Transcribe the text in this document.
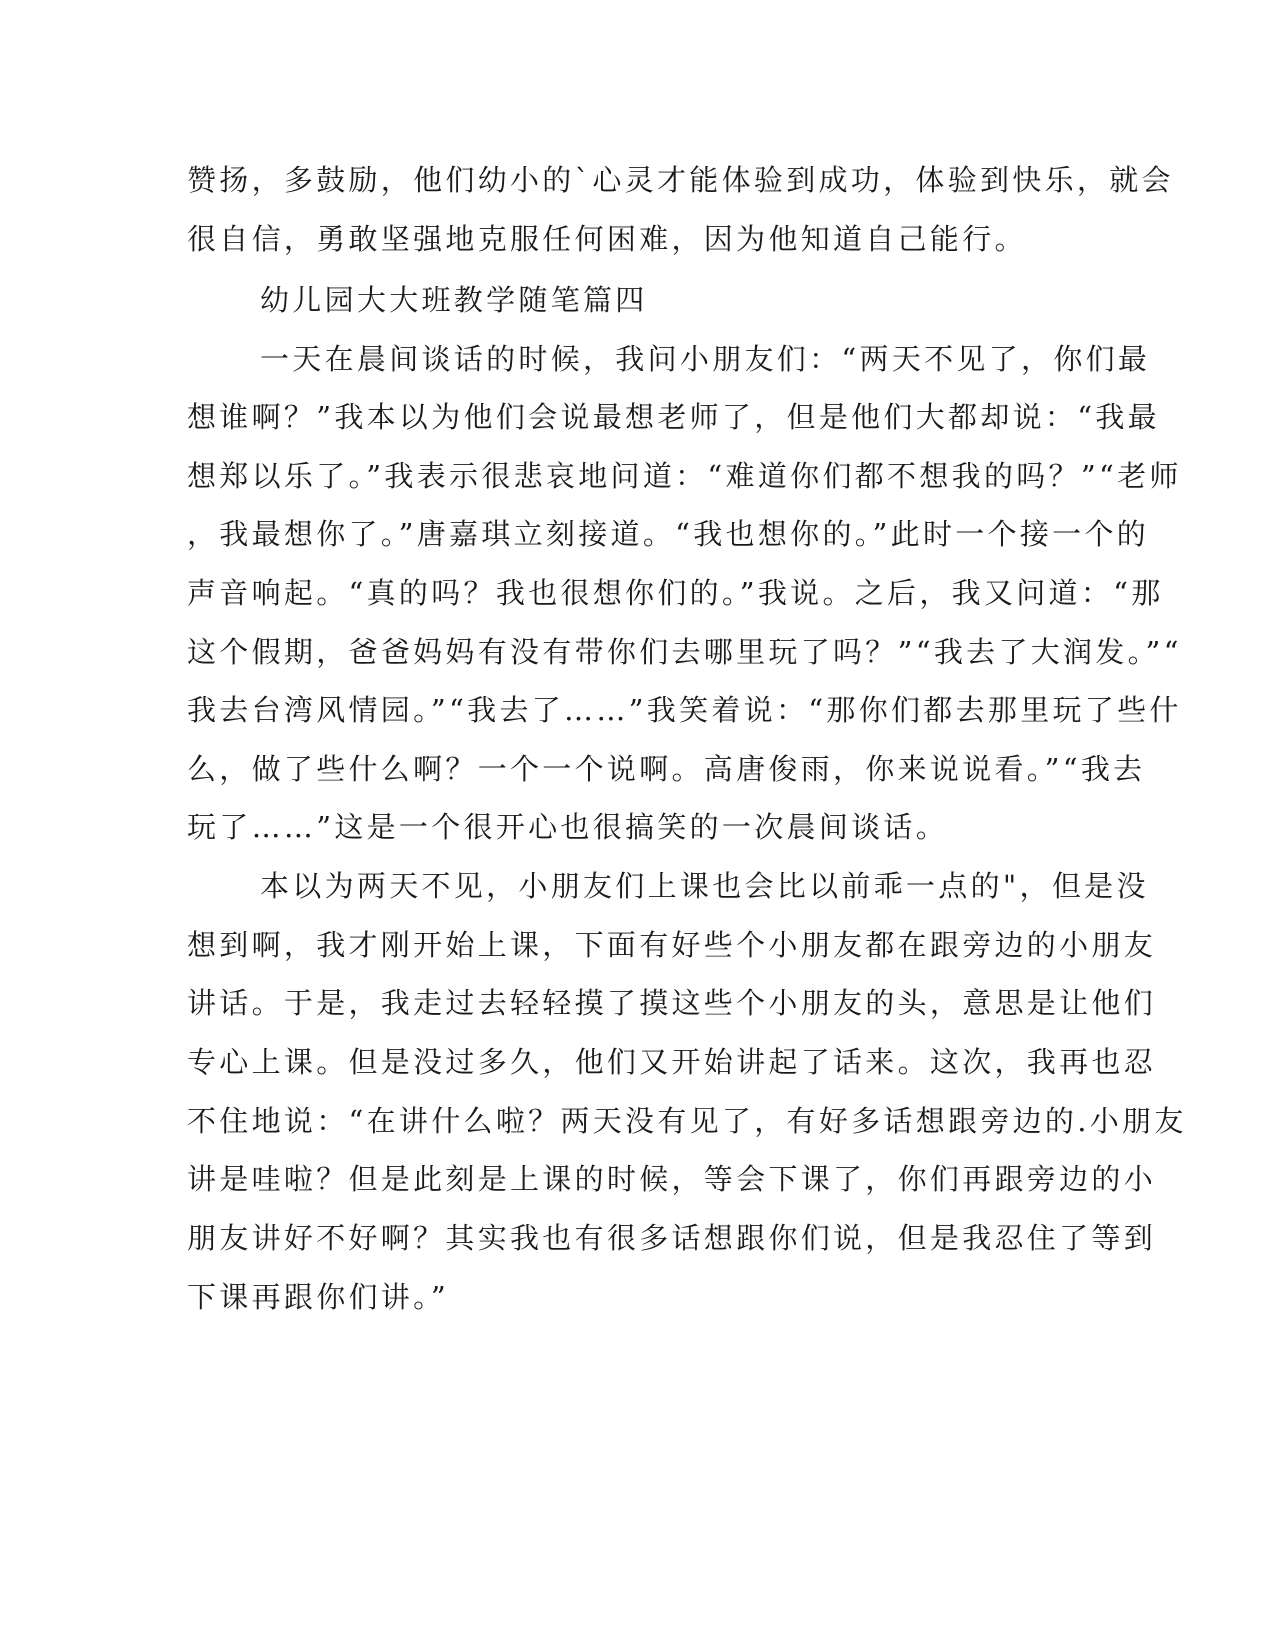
赞扬，多鼓励，他们幼小的`心灵才能体验到成功，体验到快乐，就会
很自信，勇敢坚强地克服任何困难，因为他知道自己能行。
幼儿园大大班教学随笔篇四
一天在晨间谈话的时候，我问小朋友们：“两天不见了，你们最
想谁啊？”我本以为他们会说最想老师了，但是他们大都却说：“我最
想郑以乐了。”我表示很悲哀地问道：“难道你们都不想我的吗？”“老师
，我最想你了。”唐嘉琪立刻接道。“我也想你的。”此时一个接一个的
声音响起。“真的吗？我也很想你们的。”我说。之后，我又问道：“那
这个假期，爸爸妈妈有没有带你们去哪里玩了吗？”“我去了大润发。”“
我去台湾风情园。”“我去了……”我笑着说：“那你们都去那里玩了些什
么，做了些什么啊？一个一个说啊。高唐俊雨，你来说说看。”“我去
玩了……”这是一个很开心也很搞笑的一次晨间谈话。
本以为两天不见，小朋友们上课也会比以前乖一点的"，但是没
想到啊，我才刚开始上课，下面有好些个小朋友都在跟旁边的小朋友
讲话。于是，我走过去轻轻摸了摸这些个小朋友的头，意思是让他们
专心上课。但是没过多久，他们又开始讲起了话来。这次，我再也忍
不住地说：“在讲什么啦？两天没有见了，有好多话想跟旁边的.小朋友
讲是哇啦？但是此刻是上课的时候，等会下课了，你们再跟旁边的小
朋友讲好不好啊？其实我也有很多话想跟你们说，但是我忍住了等到
下课再跟你们讲。”
